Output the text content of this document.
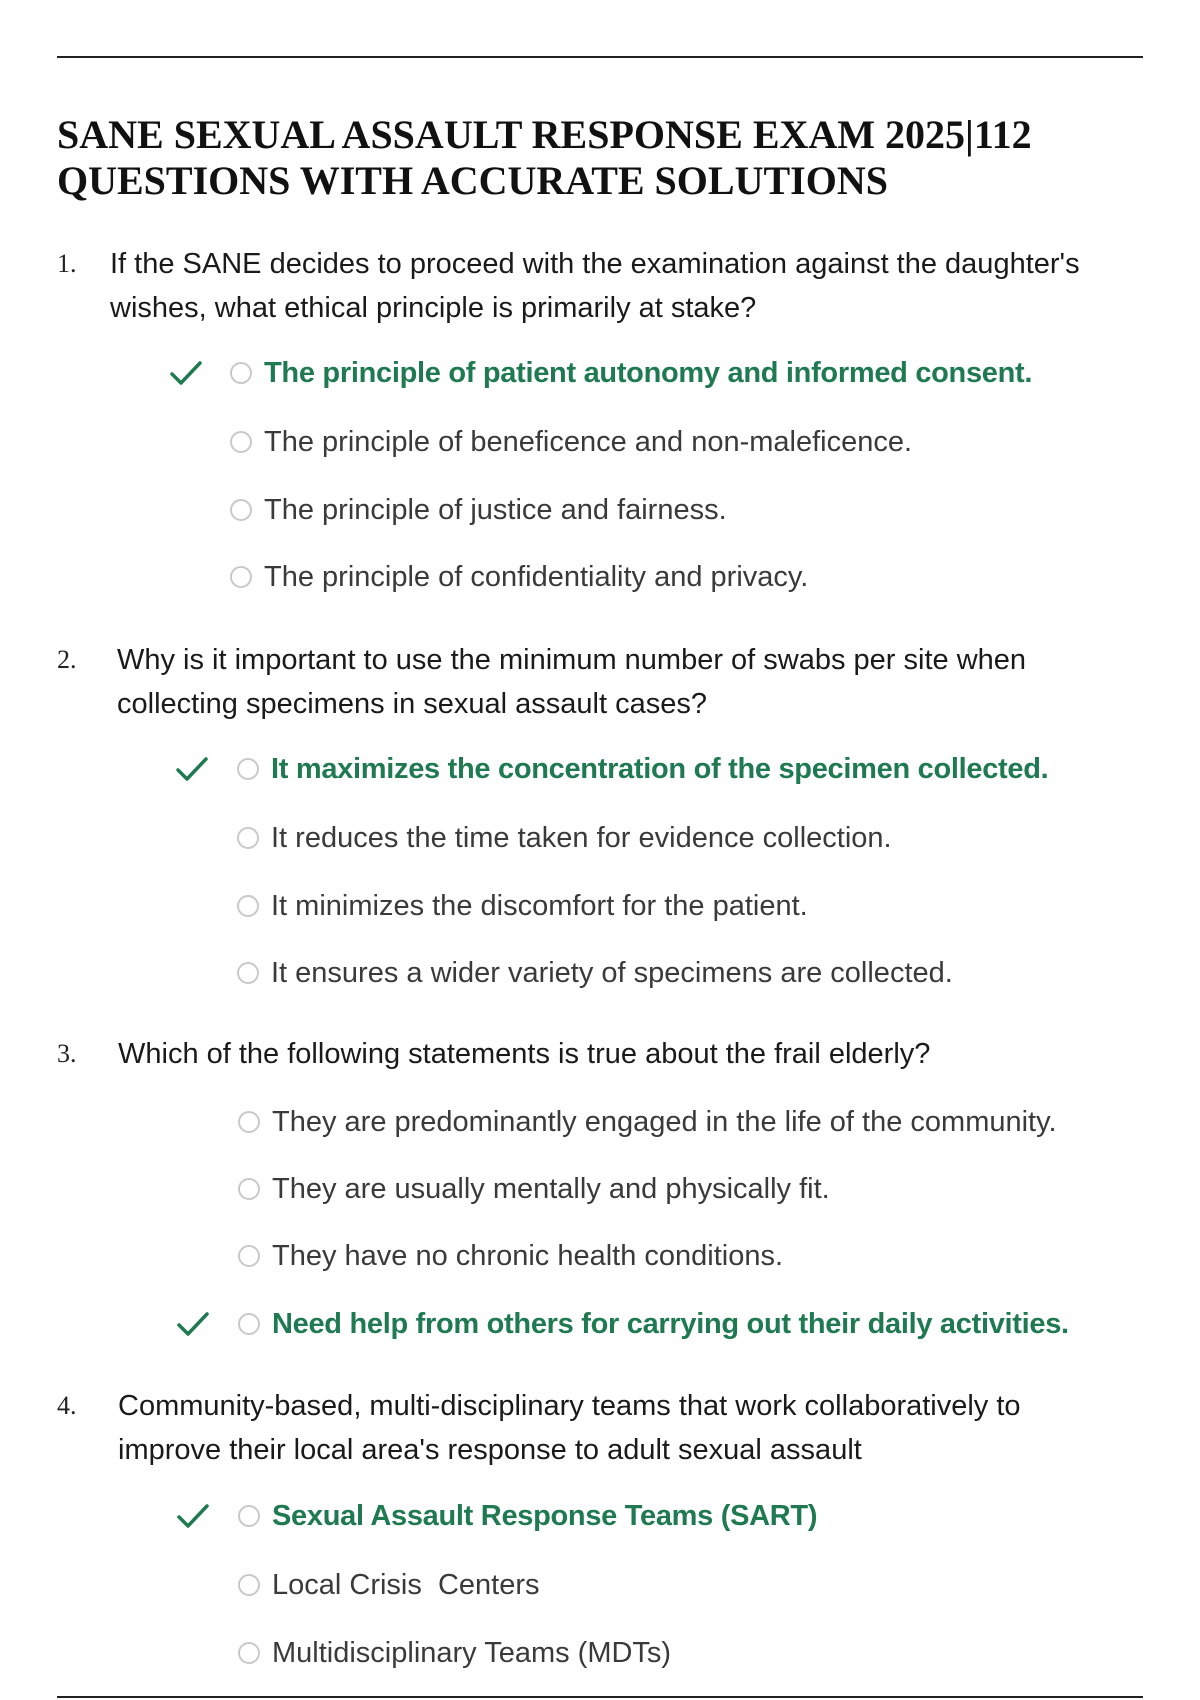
SANE SEXUAL ASSAULT RESPONSE EXAM 2025|112
QUESTIONS WITH ACCURATE SOLUTIONS
1. If the SANE decides to proceed with the examination against the daughter's wishes, what ethical principle is primarily at stake?
The principle of patient autonomy and informed consent.
The principle of beneficence and non-maleficence.
The principle of justice and fairness.
The principle of confidentiality and privacy.
2. Why is it important to use the minimum number of swabs per site when collecting specimens in sexual assault cases?
It maximizes the concentration of the specimen collected.
It reduces the time taken for evidence collection.
It minimizes the discomfort for the patient.
It ensures a wider variety of specimens are collected.
3. Which of the following statements is true about the frail elderly?
They are predominantly engaged in the life of the community.
They are usually mentally and physically fit.
They have no chronic health conditions.
Need help from others for carrying out their daily activities.
4. Community-based, multi-disciplinary teams that work collaboratively to improve their local area's response to adult sexual assault
Sexual Assault Response Teams (SART)
Local Crisis  Centers
Multidisciplinary Teams (MDTs)
